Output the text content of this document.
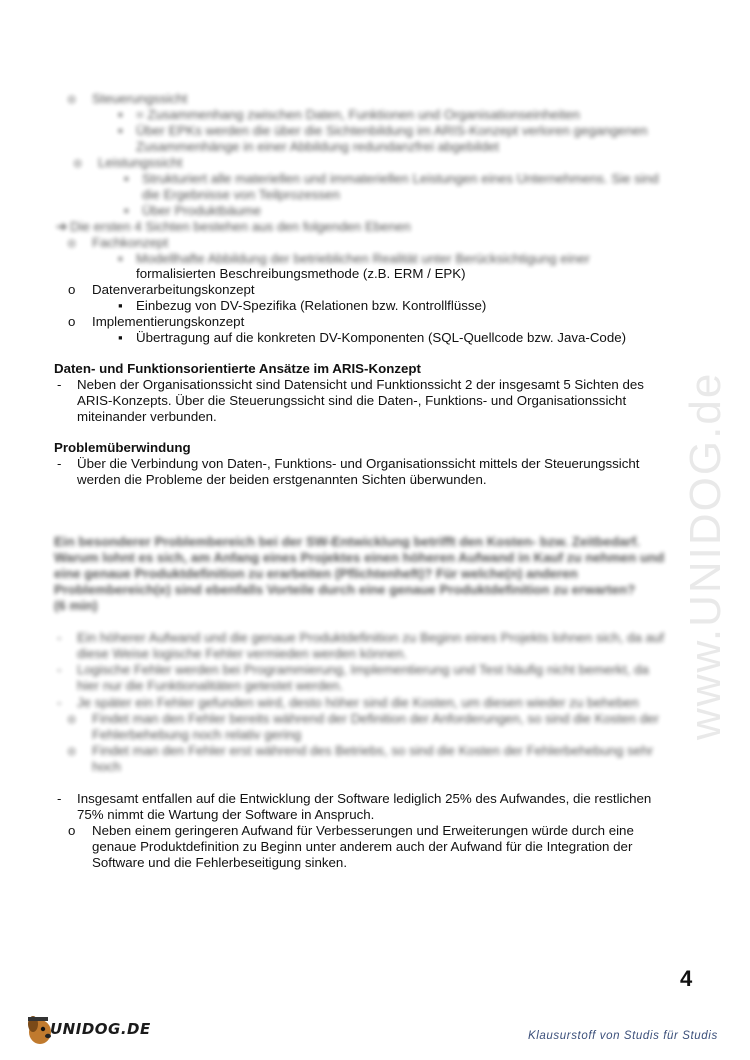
o Steuerungssicht
▪ = Zusammenhang zwischen Daten, Funktionen und Organisationseinheiten
▪ Über EPKs werden die über die Sichtenbildung im ARIS-Konzept verloren gegangenen
Zusammenhänge in einer Abbildung redundanzfrei abgebildet
o Leistungssicht
▪ Strukturiert alle materiellen und immateriellen Leistungen eines Unternehmens. Sie sind
die Ergebnisse von Teilprozessen
▪ Über Produktbäume
➔ Die ersten 4 Sichten bestehen aus den folgenden Ebenen
o Fachkonzept
▪ Modellhafte Abbildung der betrieblichen Realität unter Berücksichtigung einer
formalisierten Beschreibungsmethode (z.B. ERM / EPK)
o Datenverarbeitungskonzept
▪ Einbezug von DV-Spezifika (Relationen bzw. Kontrollflüsse)
o Implementierungskonzept
▪ Übertragung auf die konkreten DV-Komponenten (SQL-Quellcode bzw. Java-Code)
Daten- und Funktionsorientierte Ansätze im ARIS-Konzept
- Neben der Organisationssicht sind Datensicht und Funktionssicht 2 der insgesamt 5 Sichten des
ARIS-Konzepts. Über die Steuerungssicht sind die Daten-, Funktions- und Organisationssicht
miteinander verbunden.
Problemüberwindung
- Über die Verbindung von Daten-, Funktions- und Organisationssicht mittels der Steuerungssicht
werden die Probleme der beiden erstgenannten Sichten überwunden.
Ein besonderer Problembereich bei der SW-Entwicklung betrifft den Kosten- bzw. Zeitbedarf.
Warum lohnt es sich, am Anfang eines Projektes einen höheren Aufwand in Kauf zu nehmen und
eine genaue Produktdefinition zu erarbeiten (Pflichtenheft)? Für welche(n) anderen
Problembereich(e) sind ebenfalls Vorteile durch eine genaue Produktdefinition zu erwarten?
(6 min)
- Ein höherer Aufwand und die genaue Produktdefinition zu Beginn eines Projekts lohnen sich, da auf
diese Weise logische Fehler vermieden werden können.
- Logische Fehler werden bei Programmierung, Implementierung und Test häufig nicht bemerkt, da
hier nur die Funktionalitäten getestet werden.
- Je später ein Fehler gefunden wird, desto höher sind die Kosten, um diesen wieder zu beheben
o Findet man den Fehler bereits während der Definition der Anforderungen, so sind die Kosten der
Fehlerbehebung noch relativ gering
o Findet man den Fehler erst während des Betriebs, so sind die Kosten der Fehlerbehebung sehr
hoch
- Insgesamt entfallen auf die Entwicklung der Software lediglich 25% des Aufwandes, die restlichen
75% nimmt die Wartung der Software in Anspruch.
o Neben einem geringeren Aufwand für Verbesserungen und Erweiterungen würde durch eine
genaue Produktdefinition zu Beginn unter anderem auch der Aufwand für die Integration der
Software und die Fehlerbeseitigung sinken.
www.UNIDOG.de
4
UNIDOG.DE	Klausurstoff von Studis für Studis
